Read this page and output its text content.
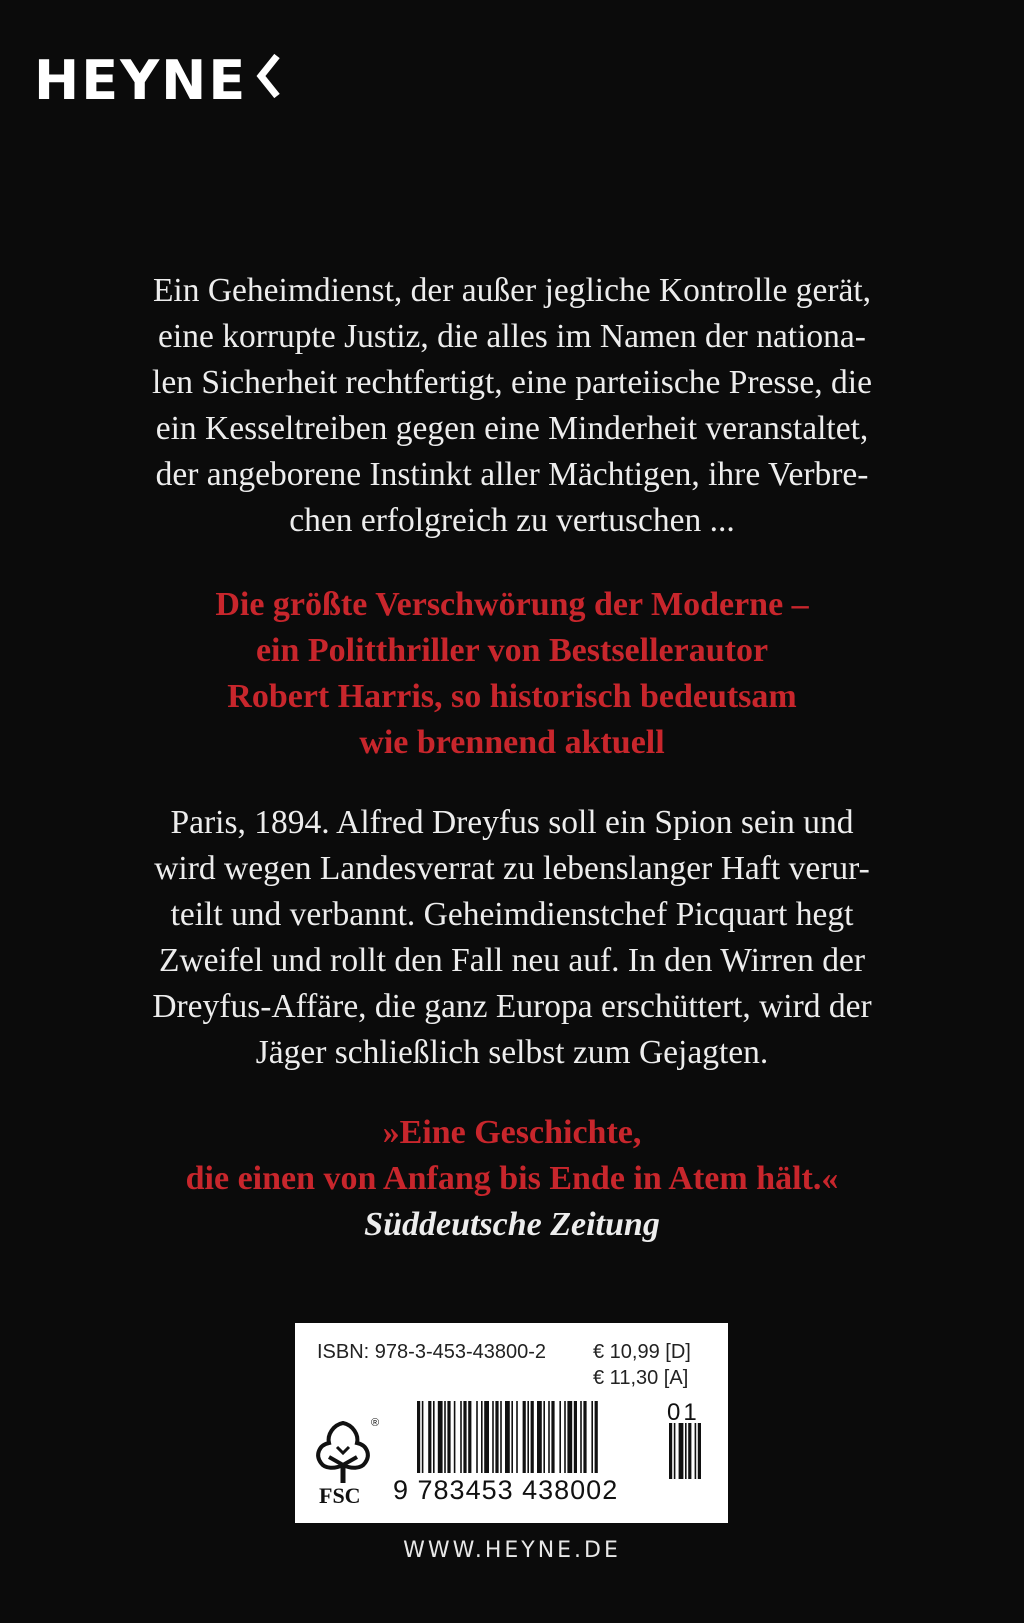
HEYNE
Ein Geheimdienst, der außer jegliche Kontrolle gerät,
eine korrupte Justiz, die alles im Namen der nationa-
len Sicherheit rechtfertigt, eine parteiische Presse, die
ein Kesseltreiben gegen eine Minderheit veranstaltet,
der angeborene Instinkt aller Mächtigen, ihre Verbre-
chen erfolgreich zu vertuschen ...
Die größte Verschwörung der Moderne –
ein Politthriller von Bestsellerautor
Robert Harris, so historisch bedeutsam
wie brennend aktuell
Paris, 1894. Alfred Dreyfus soll ein Spion sein und
wird wegen Landesverrat zu lebenslanger Haft verur-
teilt und verbannt. Geheimdienstchef Picquart hegt
Zweifel und rollt den Fall neu auf. In den Wirren der
Dreyfus-Affäre, die ganz Europa erschüttert, wird der
Jäger schließlich selbst zum Gejagten.
»Eine Geschichte,
die einen von Anfang bis Ende in Atem hält.«
Süddeutsche Zeitung
ISBN: 978-3-453-43800-2 € 10,99 [D]
€ 11,30 [A]
®
FSC 9 783453 438002
01
WWW.HEYNE.DE
